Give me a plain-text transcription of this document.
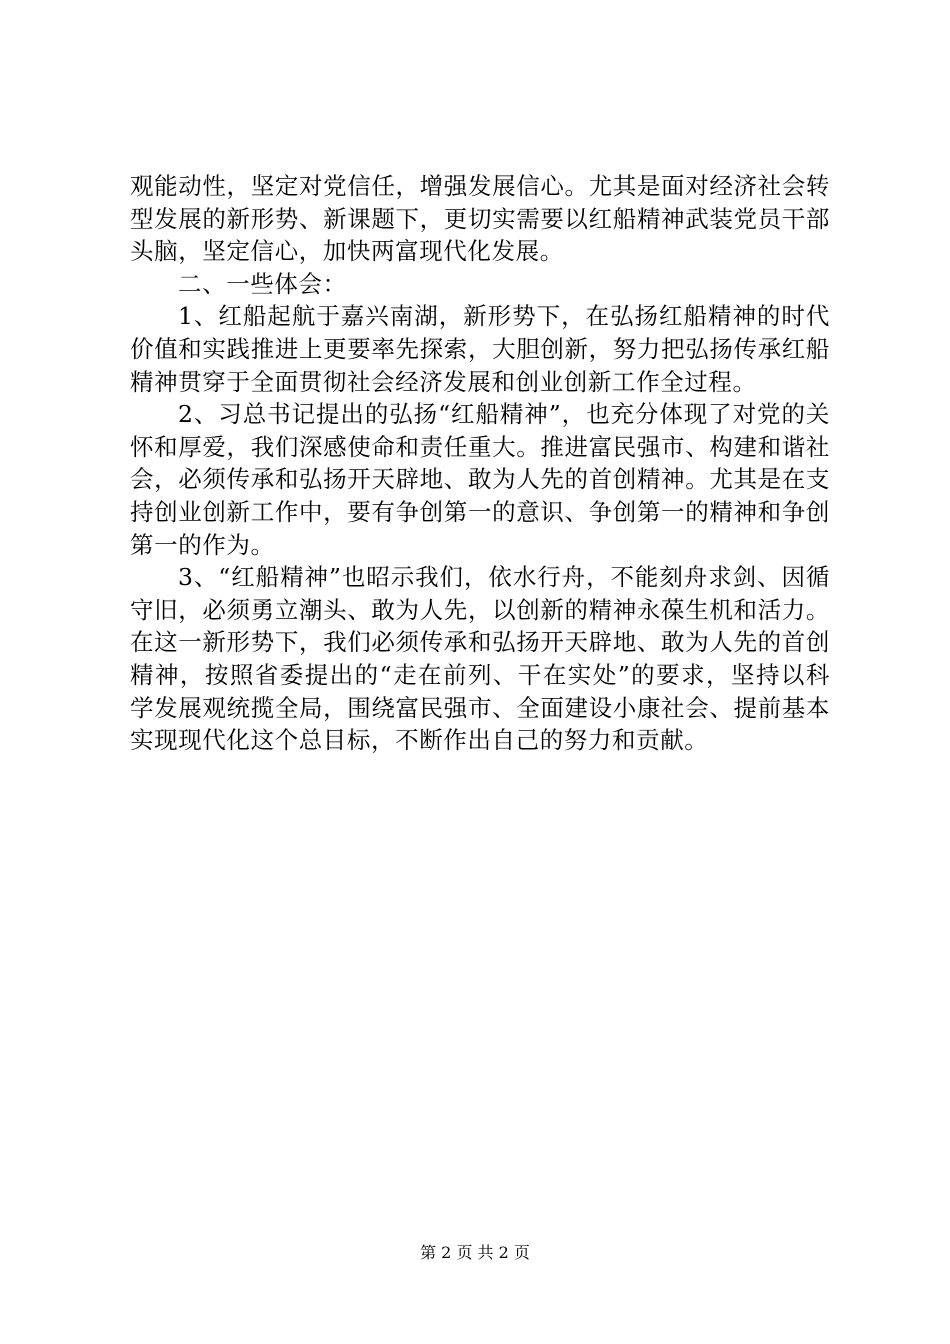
观能动性，坚定对党信任，增强发展信心。尤其是面对经济社会转型发展的新形势、新课题下，更切实需要以红船精神武装党员干部头脑，坚定信心，加快两富现代化发展。

二、一些体会：

1、红船起航于嘉兴南湖，新形势下，在弘扬红船精神的时代价值和实践推进上更要率先探索，大胆创新，努力把弘扬传承红船精神贯穿于全面贯彻社会经济发展和创业创新工作全过程。

2、习总书记提出的弘扬“红船精神”，也充分体现了对党的关怀和厚爱，我们深感使命和责任重大。推进富民强市、构建和谐社会，必须传承和弘扬开天辟地、敢为人先的首创精神。尤其是在支持创业创新工作中，要有争创第一的意识、争创第一的精神和争创第一的作为。

3、“红船精神”也昭示我们，依水行舟，不能刻舟求剑、因循守旧，必须勇立潮头、敢为人先，以创新的精神永葆生机和活力。在这一新形势下，我们必须传承和弘扬开天辟地、敢为人先的首创精神，按照省委提出的“走在前列、干在实处”的要求，坚持以科学发展观统揽全局，围绕富民强市、全面建设小康社会、提前基本实现现代化这个总目标，不断作出自己的努力和贡献。

第 2 页 共 2 页
